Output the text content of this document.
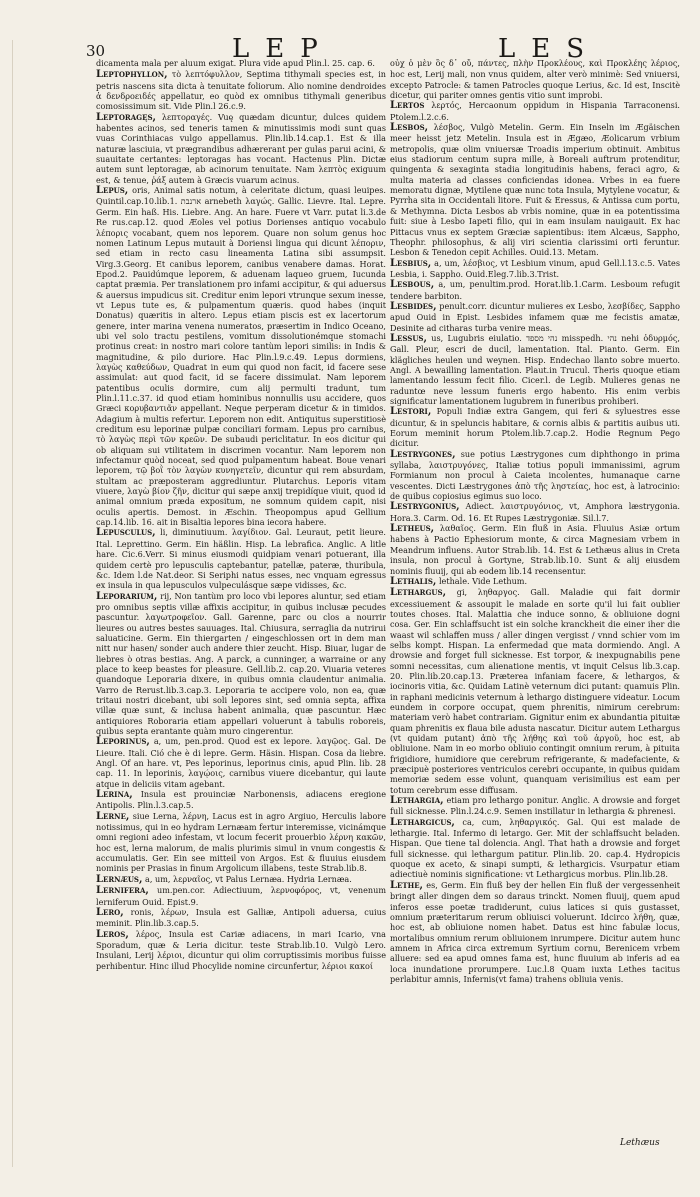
30	LEP	LES

dicamenta mala per aluum exigat. Plura vide apud Plin.l. 25. cap. 6.

Leptophyllon, τὸ λεπτόφυλλον, Septima tithymali species est, in petris nascens sita dicta à tenuitate foliorum. Alio nomine dendroides ἀ δενδροειδές appellatur, eo quòd ex omnibus tithymali generibus comosissimum sit. Vide Plin.l 26.c.9.

Leptoragęs, λεπτοραγές. Vuę quædam dicuntur, dulces quidem habentes acinos, sed teneris tamen & minutissimis modi sunt quas vuas Corinthiacas vulgo appellamus. Plin.lib.14.cap.1. Est & illa naturæ lasciuia, vt prægrandibus adhærerant per gulas parui acini, & suauitate certantes: leptoragas has vocant. Hactenus Plin. Dictæ autem sunt leptoragæ, ab acinorum tenuitate. Nam λεπτὸς exiguum est, & tenue, ῥάξ autem à Græcis vuarum acinus.

Lepus, oris, Animal satis notum, à celeritate dictum, quasi leuipes. Quintil.cap.10.lib.1. ארנבת arnebeth λαγώς. Gallic. Lievre. Ital. Lepre. Germ. Ein haß. His. Liebre. Ang. An hare. Fuere vt Varr. putat li.3.de Re rus.cap.12. quod Æoles vel potius Dorienses antiquo vocabulo λέπορις vocabant, quem nos leporem. Quare non solum genus hoc nomen Latinum Lepus mutauit à Doriensi lingua qui dicunt λέποριν, sed etiam in recto casu lineamenta Latina sibi assumpsit. Virg.3.Georg. Et canibus leporem, canibus venabere damas. Horat. Epod.2. Pauidúmque leporem, & aduenam laqueo gruem, Iucunda captat præmia. Per translationem pro infami accipitur, & qui aduersus & auersus impudicus sit. Creditur enim lepori vtrunque sexum inesse, vt Lepus tute es, & pulpamentum quæris. quod habes (inquit Donatus) quæritis in altero. Lepus etiam piscis est ex lacertorum genere, inter marina venena numeratos, præsertim in Indico Oceano, ubi vel solo tractu pestilens, vomitum dissolutionémque stomachi protinus creat: in nostro mari colore tantùm lepori similis: in Indis & magnitudine, & pilo duriore. Hac Plin.l.9.c.49. Lepus dormiens, λαγὼς καθεύδων, Quadrat in eum qui quod non facit, id facere sese assimulat: aut quod facit, id se facere dissimulat. Nam leporem patentibus oculis dormire, cum alij permulti tradunt, tum Plin.l.11.c.37. id quod etiam hominibus nonnullis usu accidere, quos Græci κορυβαντιᾶν appellant. Neque perperam dicetur & in timidos. Adagium à multis refertur. Leporem non edit. Antiquitus superstitiosè creditum esu leporinæ pulpæ conciliari formam. Lepus pro carnibus, τὸ λαγὼς περὶ τῶν κρεῶν. De subaudi periclitatur. In eos dicitur qui ob aliquam sui vtilitatem in discrimen vocantur. Nam leporem non infectamur quòd noceat, sed quod pulpamentum habeat. Boue venari leporem, τῷ βοῒ τὸν λαγὼν κυνηγετεῖν, dicuntur qui rem absurdam, stultam ac præposteram aggrediuntur. Plutarchus. Leporis vitam viuere, λαγὼ βίον ζῆν, dicitur qui sæpe anxij trepidíque viuit, quod id animal omnium præda expositum, ne somnum quidem capit, nisi oculis apertis. Demost. in Æschin. Theopompus apud Gellium cap.14.lib. 16. ait in Bisaltia lepores bina iecora habere.

Lepusculus, li, diminutiuum. λαγίδιον. Gal. Leuraut, petit lieure. Ital. Leprettino. Germ. Ein häßlin. Hisp. La lebrafica. Anglic. A litle hare. Cic.6.Verr. Si minus eiusmodi quidpiam venari potuerant, illa quidem certè pro lepusculis captebantur, patellæ, pateræ, thuribula, &c. Idem l.de Nat.deor. Si Seriphi natus esses, nec vnquam egressus ex insula in qua lepusculos vulpeculásque sæpe vidisses, &c.

Leporarium, rij, Non tantùm pro loco vbi lepores aluntur, sed etiam pro omnibus septis villæ affixis accipitur, in quibus inclusæ pecudes pascuntur. λαγωτροφεῖον. Gall. Garenne, parc ou clos a nourrir lieures ou autres bestes sauuages. Ital. Chiusura, serraglia da nutrirui saluaticine. Germ. Ein thiergarten / eingeschlossen ort in dem man nitt nur hasen/ sonder auch andere thier zeucht. Hisp. Biuar, lugar de liebres ò otras bestias. Ang. A parck, a cunninger, a warraine or any place to keep beastes for pleasure. Gell.lib.2. cap.20. Viuaria veteres quandoque Leporaria dixere, in quibus omnia claudentur animalia. Varro de Rerust.lib.3.cap.3. Leporaria te accipere volo, non ea, quæ tritaui nostri dicebant, ubi soli lepores sint, sed omnia septa, affixa villæ quæ sunt, & inclusa habent animalia, quæ pascuntur. Hæc antiquiores Roboraria etiam appellari voluerunt à tabulis roboreis, quibus septa erantante quàm muro cingerentur.

Leporinus, a, um, pen.prod. Quod est ex lepore. λαγῷος. Gal. De Lieure. Itali. Ció che è di lepre. Germ. Häsin. Hispan. Cosa da liebre. Angl. Of an hare. vt, Pes leporinus, leporinus cinis, apud Plin. lib. 28 cap. 11. In leporinis, λαγῴοις, carnibus viuere dicebantur, qui laute atque in deliciis vitam agebant.

Lerina, Insula est prouinciæ Narbonensis, adiacens eregione Antipolis. Plin.l.3.cap.5.

Lerne, siue Lerna, λέρνη, Lacus est in agro Argiuo, Herculis labore notissimus, qui in eo hydram Lernæam fertur interemisse, vicinámque omni regioni adeo infestam, vt locum fecerit prouerbio λέρνη κακῶν, hoc est, lerna malorum, de malis plurimis simul in vnum congestis & accumulatis. Ger. Ein see mitteil von Argos. Est & fluuius eiusdem nominis per Prasias in finum Argolicum illabens, teste Strab.lib.8.

Lernæus, a, um, λερναῖος, vt Palus Lernæa. Hydria Lernæa.

Lernifera, um.pen.cor. Adiectiuum, λερνοφόρος, vt, venenum lerniferum Ouid. Epist.9.

Lero, ronis, λέρων, Insula est Galliæ, Antipoli aduersa, cuius meminit. Plin.lib.3.cap.5.

Leros, λέρος, Insula est Cariæ adiacens, in mari Icario, vna Sporadum, quæ & Leria dicitur. teste Strab.lib.10. Vulgò Lero. Insulani, Lerij λέριοι, dicuntur qui olim corruptissimis moribus fuisse perhibentur. Hinc illud Phocylide nomine circunfertur, λέριοι κακοί

οὐχ ὁ μὲν ὃς δ᾽ οὔ, πάντες, πλὴν Προκλέους, καὶ Προκλέης λέριος, hoc est, Lerij mali, non vnus quidem, alter verò minimè: Sed vniuersi, excepto Patrocle: & tamen Patrocles quoque Lerius, &c. Id est, Inscitè dicetur, qui pariter omnes gentis vitio sunt improbi.

Lertos λερτός, Hercaonum oppidum in Hispania Tarraconensi. Ptolem.l.2.c.6.

Lesbos, λέσβος, Vulgò Metelin. Germ. Ein Inseln im Ægäischen meer heisst jetz Metelin. Insula est in Ægæo, Æolicarum vrbium metropolis, quæ olim vniuersæ Troadis imperium obtinuit. Ambitus eius stadiorum centum supra mille, à Boreali auftrum protenditur, quingenta & sexaginta stadia longitudinis habens, feraci agro, & multa materia ad classes conficiendas idonea. Vrbes in ea fuere memoratu dignæ, Mytilene quæ nunc tota Insula, Mytylene vocatur, & Pyrrha sita in Occidentali litore. Fuit & Eressus, & Antissa cum portu, & Methymna. Dicta Lesbos ab vrbis nomine, quæ in ea potentissima fuit: siue à Lesbo Iapeti filio, qui in eam insulam nauigauit. Ex hac Pittacus vnus ex septem Græciæ sapientibus: item Alcæus, Sappho, Theophr. philosophus, & alij viri scientia clarissimi orti feruntur. Lesbon & Tenedon cepit Achilles. Ouid.13. Metam.

Lesbius, a, um, λέσβιος, vt Lesbium vinum, apud Gell.l.13.c.5. Vates Lesbia, i. Sappho. Ouid.Eleg.7.lib.3.Trist.

Lesbous, a, um, penultim.prod. Horat.lib.1.Carm. Lesboum refugit tendere barbiton.

Lesbides, penult.corr. dicuntur mulieres ex Lesbo, λεσβίδες, Sappho apud Ouid in Epist. Lesbides infamem quæ me fecistis amatæ, Desinite ad citharas turba venire meas.

Lessus, us, Lugubris eiulatio. נהי מספד misspedh. נהי nehi ὀδυρμός, Gall. Pleur, escri de ducil, lamentation. Ital. Pianto. Germ. Ein klägliches heulen und weynen. Hisp. Endechao llanto sobre muerto. Angl. A bewailling lamentation. Plaut.in Trucul. Theris quoque etiam lamentando lessum fecit filio. Cicer.l. de Legib. Mulieres genas ne raduntœ neve lessum funeris ergo habento. His enim verbis significatur lamentationem lugubrem in funeribus prohiberi.

Lestori, Populi Indiæ extra Gangem, qui feri & syluestres esse dicuntur, & in speluncis habitare, & cornis albis & partitis auibus uti. Eorum meminit horum Ptolem.lib.7.cap.2. Hodie Regnum Pego dicitur.

Lestrygones, sue potius Læstrygones cum diphthongo in prima syllaba, λαιστρυγόνες, Italiæ totius populi immanissimi, agrum Formianum non procul à Caieta incolentes, humanaque carne vescentes. Dicti Læstrygones ἀπὸ τῆς ληστείας, hoc est, à latrocinio: de quibus copiosius egimus suo loco.

Lestrygonius, Adiect. λαιστρυγόνιος, vt, Amphora læstrygonia. Hora.3. Carm. Od. 16. Et Rupes Læstrygoniæ. Sil.l.7.

Letheus, λαθαῖος. Germ. Ein fluß in Asia. Fluuius Asiæ ortum habens à Pactio Ephesiorum monte, & circa Magnesiam vrbem in Meandrum influens. Autor Strab.lib. 14. Est & Lethæus alius in Creta insula, non procul à Gortyne, Strab.lib.10. Sunt & alij eiusdem nominis fluuij, qui ab eodem lib.14 recensentur.

Lethalis, lethale. Vide Lethum.

Lethargus, gi, ληθαργος. Gall. Maladie qui fait dormir excessiuement & assoupit le malade en sorte qu'il lui fait oublier toutes choses. Ital. Malattia che induce sonno, & obliuione dogni cosa. Ger. Ein schlaffsucht ist ein solche kranckheit die einer iher die waast wil schlaffen muss / aller dingen vergisst / vnnd schier vom im selbs kompt. Hispan. La enfermedad que mata dormiendo. Angl. A drowsie and forget full sicknesse. Est torpor, & inexpugnabilis pene somni necessitas, cum alienatione mentis, vt inquit Celsus lib.3.cap. 20. Plin.lib.20.cap.13. Præterea infaniam facere, & lethargos, & iocinoris vitia, &c. Quidam Latinè veternum dici putant: quamuis Plin. in raphani medicinis veternum à lethargo distinguere videatur. Locum eundem in corpore occupat, quem phrenitis, nimirum cerebrum: materiam verò habet contrariam. Gignitur enim ex abundantia pituitæ quam phrenitis ex flaua bile adusta nascatur. Dicitur autem Lethargus (vt quidam putant) ἀπὸ τῆς λήθης καὶ τοῦ ἀργοῦ, hoc est, ab obliuione. Nam in eo morbo obliuio contingit omnium rerum, à pituita frigidiore, humidiore que cerebrum refrigerante, & madefaciente, & præcipuè posteriores ventriculos cerebri occupante, in quibus quidam memoriæ sedem esse volunt, quanquam verisimilius est eam per totum cerebrum esse diffusam.

Lethargia, etiam pro lethargo ponitur. Anglic. A drowsie and forget full sicknesse. Plin.l.24.c.9. Semen instillatur in lethargia & phrenesi.

Lethargicus, ca, cum, ληθαργικός. Gal. Qui est malade de lethargie. Ital. Infermo di letargo. Ger. Mit der schlaffsucht beladen. Hispan. Que tiene tal dolencia. Angl. That hath a drowsie and forget full sicknesse. qui lethargum patitur. Plin.lib. 20. cap.4. Hydropicis quoque ex aceto, & sinapi sumpti, & lethargicis. Vsurpatur etiam adiectiuè nominis significatione: vt Lethargicus morbus. Plin.lib.28.

Lethe, es, Germ. Ein fluß bey der hellen Ein fluß der vergessenheit bringt aller dingen dem so daraus trinckt. Nomen fluuij, quem apud inferos esse poetæ tradiderunt, cuius latices si quis gustasset, omnium præteritarum rerum obliuisci voluerunt. Idcirco λήθη, quæ, hoc est, ab obliuione nomen habet. Datus est hinc fabulæ locus, mortalibus omnium rerum obliuionem inrumpere. Dicitur autem hunc amnem in Africa circa extremum Syrtium cornu, Berenicem vrbem alluere: sed ea apud omnes fama est, hunc fluuium ab inferis ad ea loca inundatione prorumpere. Luc.l.8 Quam iuxta Lethes tacitus perlabitur amnis, Infernis(vt fama) trahens obliuia venis.

Lethæus
